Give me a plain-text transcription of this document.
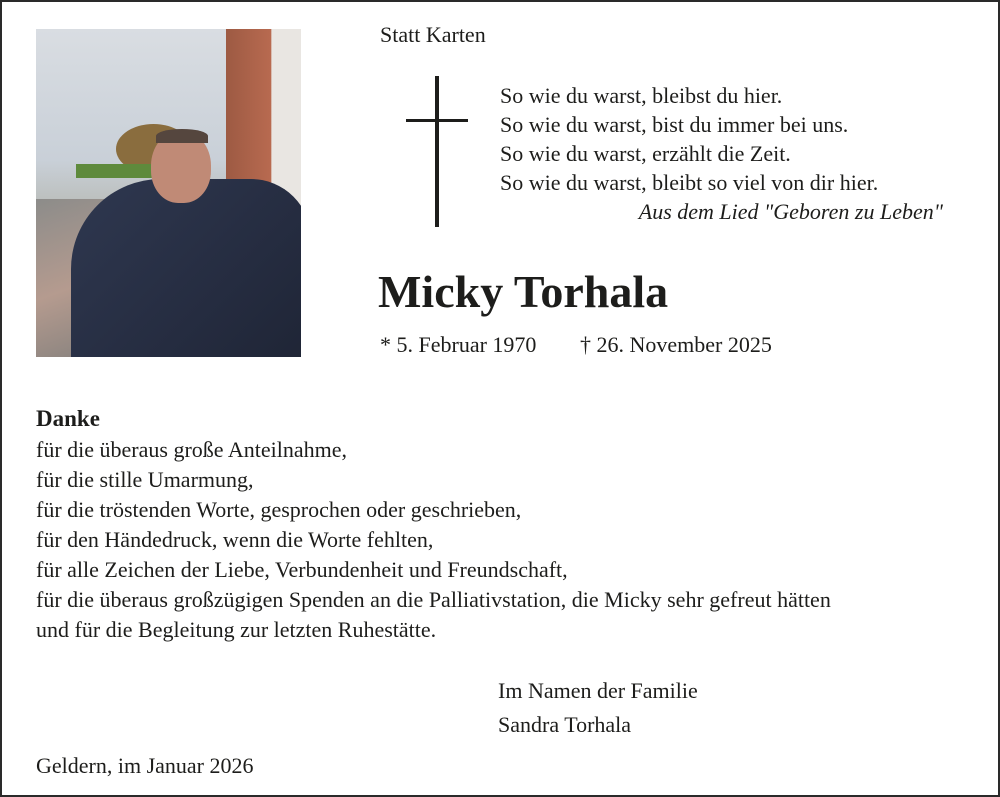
Statt Karten
So wie du warst, bleibst du hier.
So wie du warst, bist du immer bei uns.
So wie du warst, erzählt die Zeit.
So wie du warst, bleibt so viel von dir hier.
Aus dem Lied "Geboren zu Leben"
Micky Torhala
* 5. Februar 1970 † 26. November 2025
Danke
für die überaus große Anteilnahme,
für die stille Umarmung,
für die tröstenden Worte, gesprochen oder geschrieben,
für den Händedruck, wenn die Worte fehlten,
für alle Zeichen der Liebe, Verbundenheit und Freundschaft,
für die überaus großzügigen Spenden an die Palliativstation, die Micky sehr gefreut hätten
und für die Begleitung zur letzten Ruhestätte.
Im Namen der Familie
Sandra Torhala
Geldern, im Januar 2026
